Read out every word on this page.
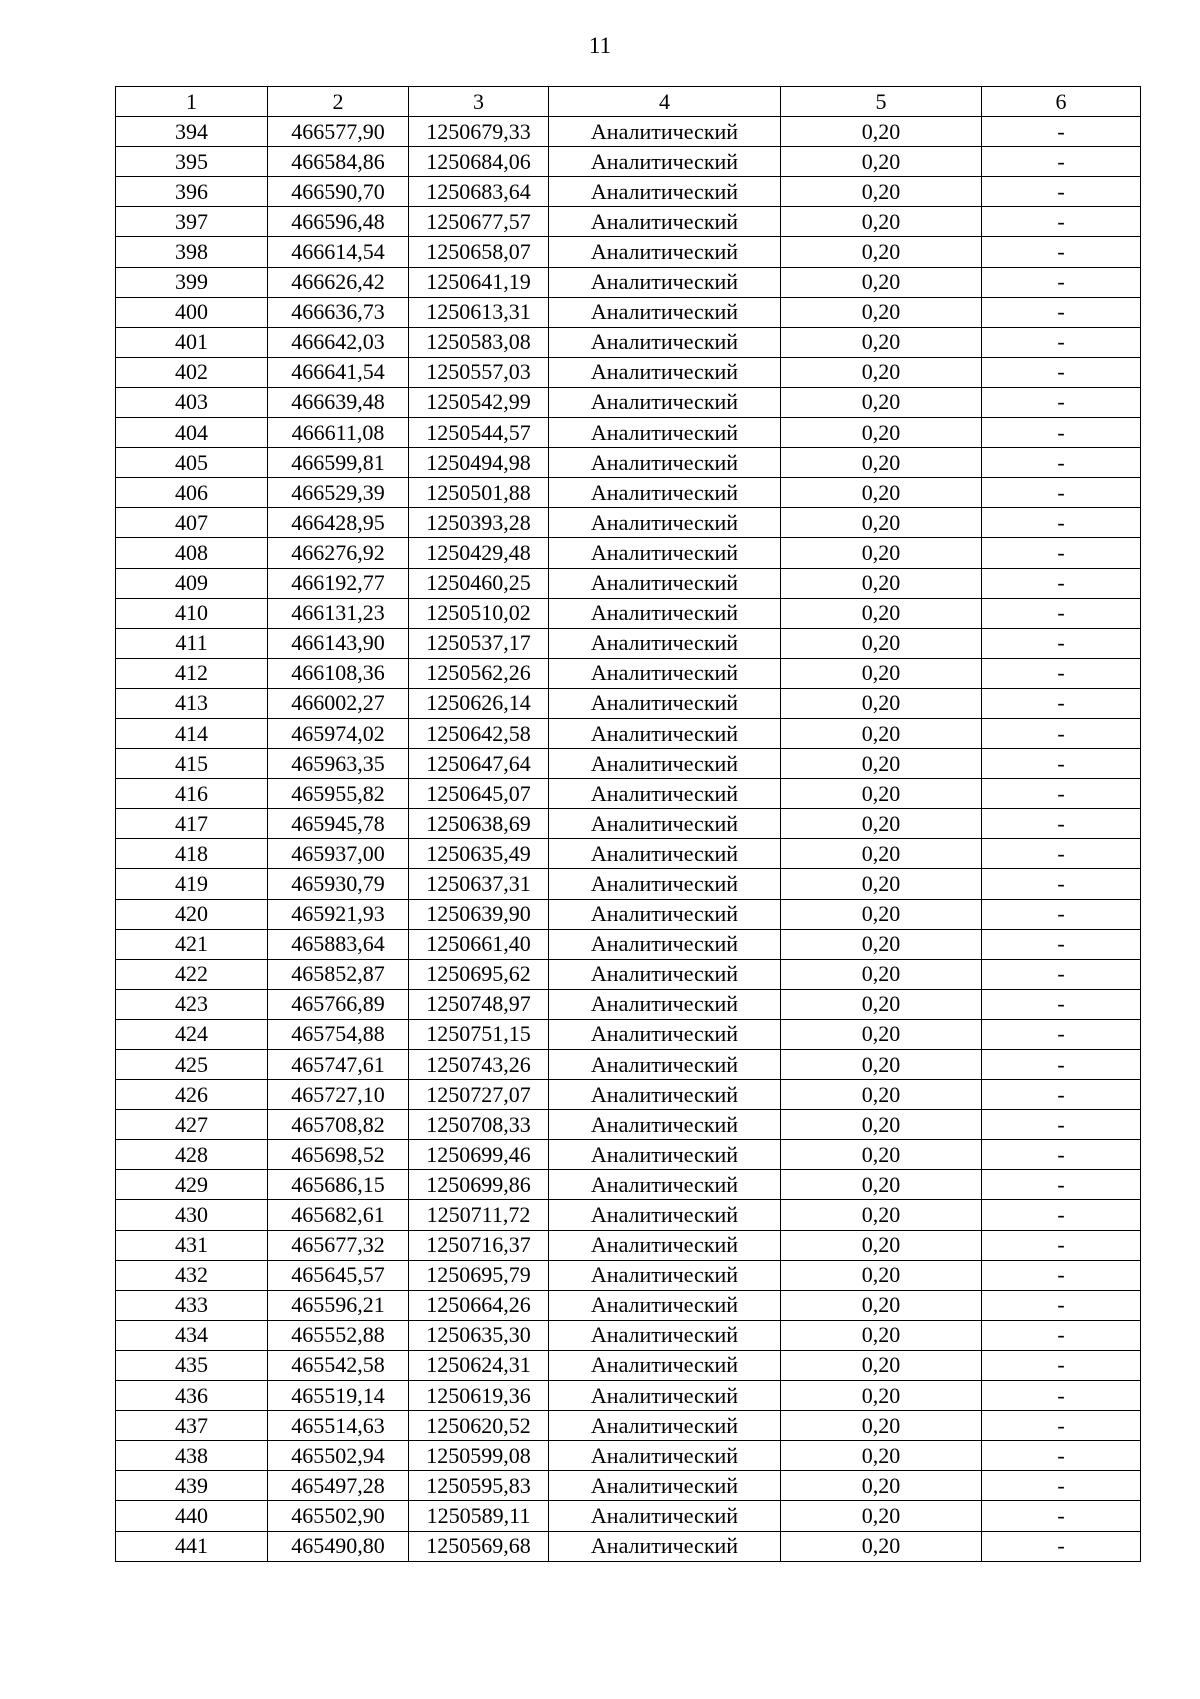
11
1	2	3	4	5	6
394	466577,90	1250679,33	Аналитический	0,20	-
395	466584,86	1250684,06	Аналитический	0,20	-
396	466590,70	1250683,64	Аналитический	0,20	-
397	466596,48	1250677,57	Аналитический	0,20	-
398	466614,54	1250658,07	Аналитический	0,20	-
399	466626,42	1250641,19	Аналитический	0,20	-
400	466636,73	1250613,31	Аналитический	0,20	-
401	466642,03	1250583,08	Аналитический	0,20	-
402	466641,54	1250557,03	Аналитический	0,20	-
403	466639,48	1250542,99	Аналитический	0,20	-
404	466611,08	1250544,57	Аналитический	0,20	-
405	466599,81	1250494,98	Аналитический	0,20	-
406	466529,39	1250501,88	Аналитический	0,20	-
407	466428,95	1250393,28	Аналитический	0,20	-
408	466276,92	1250429,48	Аналитический	0,20	-
409	466192,77	1250460,25	Аналитический	0,20	-
410	466131,23	1250510,02	Аналитический	0,20	-
411	466143,90	1250537,17	Аналитический	0,20	-
412	466108,36	1250562,26	Аналитический	0,20	-
413	466002,27	1250626,14	Аналитический	0,20	-
414	465974,02	1250642,58	Аналитический	0,20	-
415	465963,35	1250647,64	Аналитический	0,20	-
416	465955,82	1250645,07	Аналитический	0,20	-
417	465945,78	1250638,69	Аналитический	0,20	-
418	465937,00	1250635,49	Аналитический	0,20	-
419	465930,79	1250637,31	Аналитический	0,20	-
420	465921,93	1250639,90	Аналитический	0,20	-
421	465883,64	1250661,40	Аналитический	0,20	-
422	465852,87	1250695,62	Аналитический	0,20	-
423	465766,89	1250748,97	Аналитический	0,20	-
424	465754,88	1250751,15	Аналитический	0,20	-
425	465747,61	1250743,26	Аналитический	0,20	-
426	465727,10	1250727,07	Аналитический	0,20	-
427	465708,82	1250708,33	Аналитический	0,20	-
428	465698,52	1250699,46	Аналитический	0,20	-
429	465686,15	1250699,86	Аналитический	0,20	-
430	465682,61	1250711,72	Аналитический	0,20	-
431	465677,32	1250716,37	Аналитический	0,20	-
432	465645,57	1250695,79	Аналитический	0,20	-
433	465596,21	1250664,26	Аналитический	0,20	-
434	465552,88	1250635,30	Аналитический	0,20	-
435	465542,58	1250624,31	Аналитический	0,20	-
436	465519,14	1250619,36	Аналитический	0,20	-
437	465514,63	1250620,52	Аналитический	0,20	-
438	465502,94	1250599,08	Аналитический	0,20	-
439	465497,28	1250595,83	Аналитический	0,20	-
440	465502,90	1250589,11	Аналитический	0,20	-
441	465490,80	1250569,68	Аналитический	0,20	-
